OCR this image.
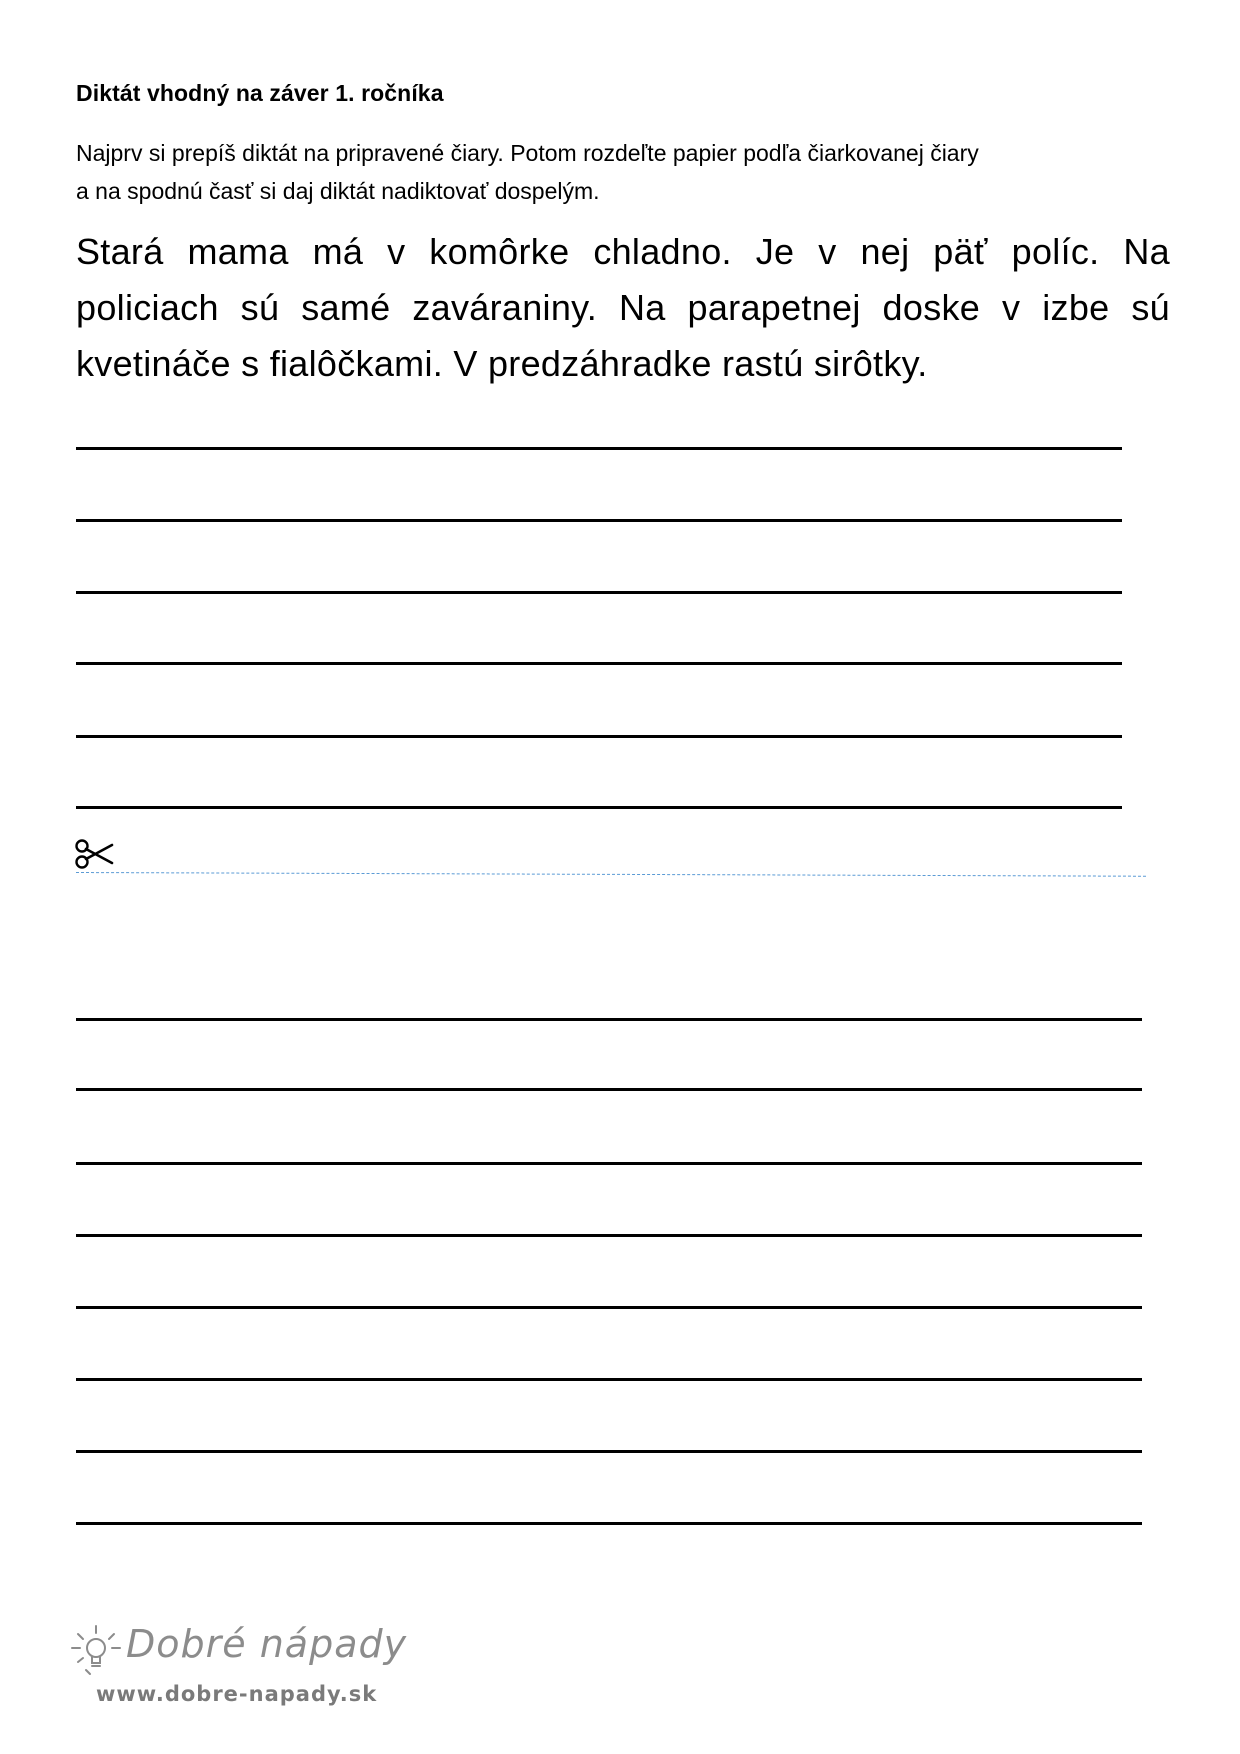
Diktát vhodný na záver 1. ročníka
Najprv si prepíš diktát na pripravené čiary. Potom rozdeľte papier podľa čiarkovanej čiary
a na spodnú časť si daj diktát nadiktovať dospelým.
Stará mama má v komôrke chladno. Je v nej päť políc. Na policiach sú samé zaváraniny. Na parapetnej doske v izbe sú kvetináče s fialôčkami. V predzáhradke rastú sirôtky.
Dobré nápady
www.dobre-napady.sk
